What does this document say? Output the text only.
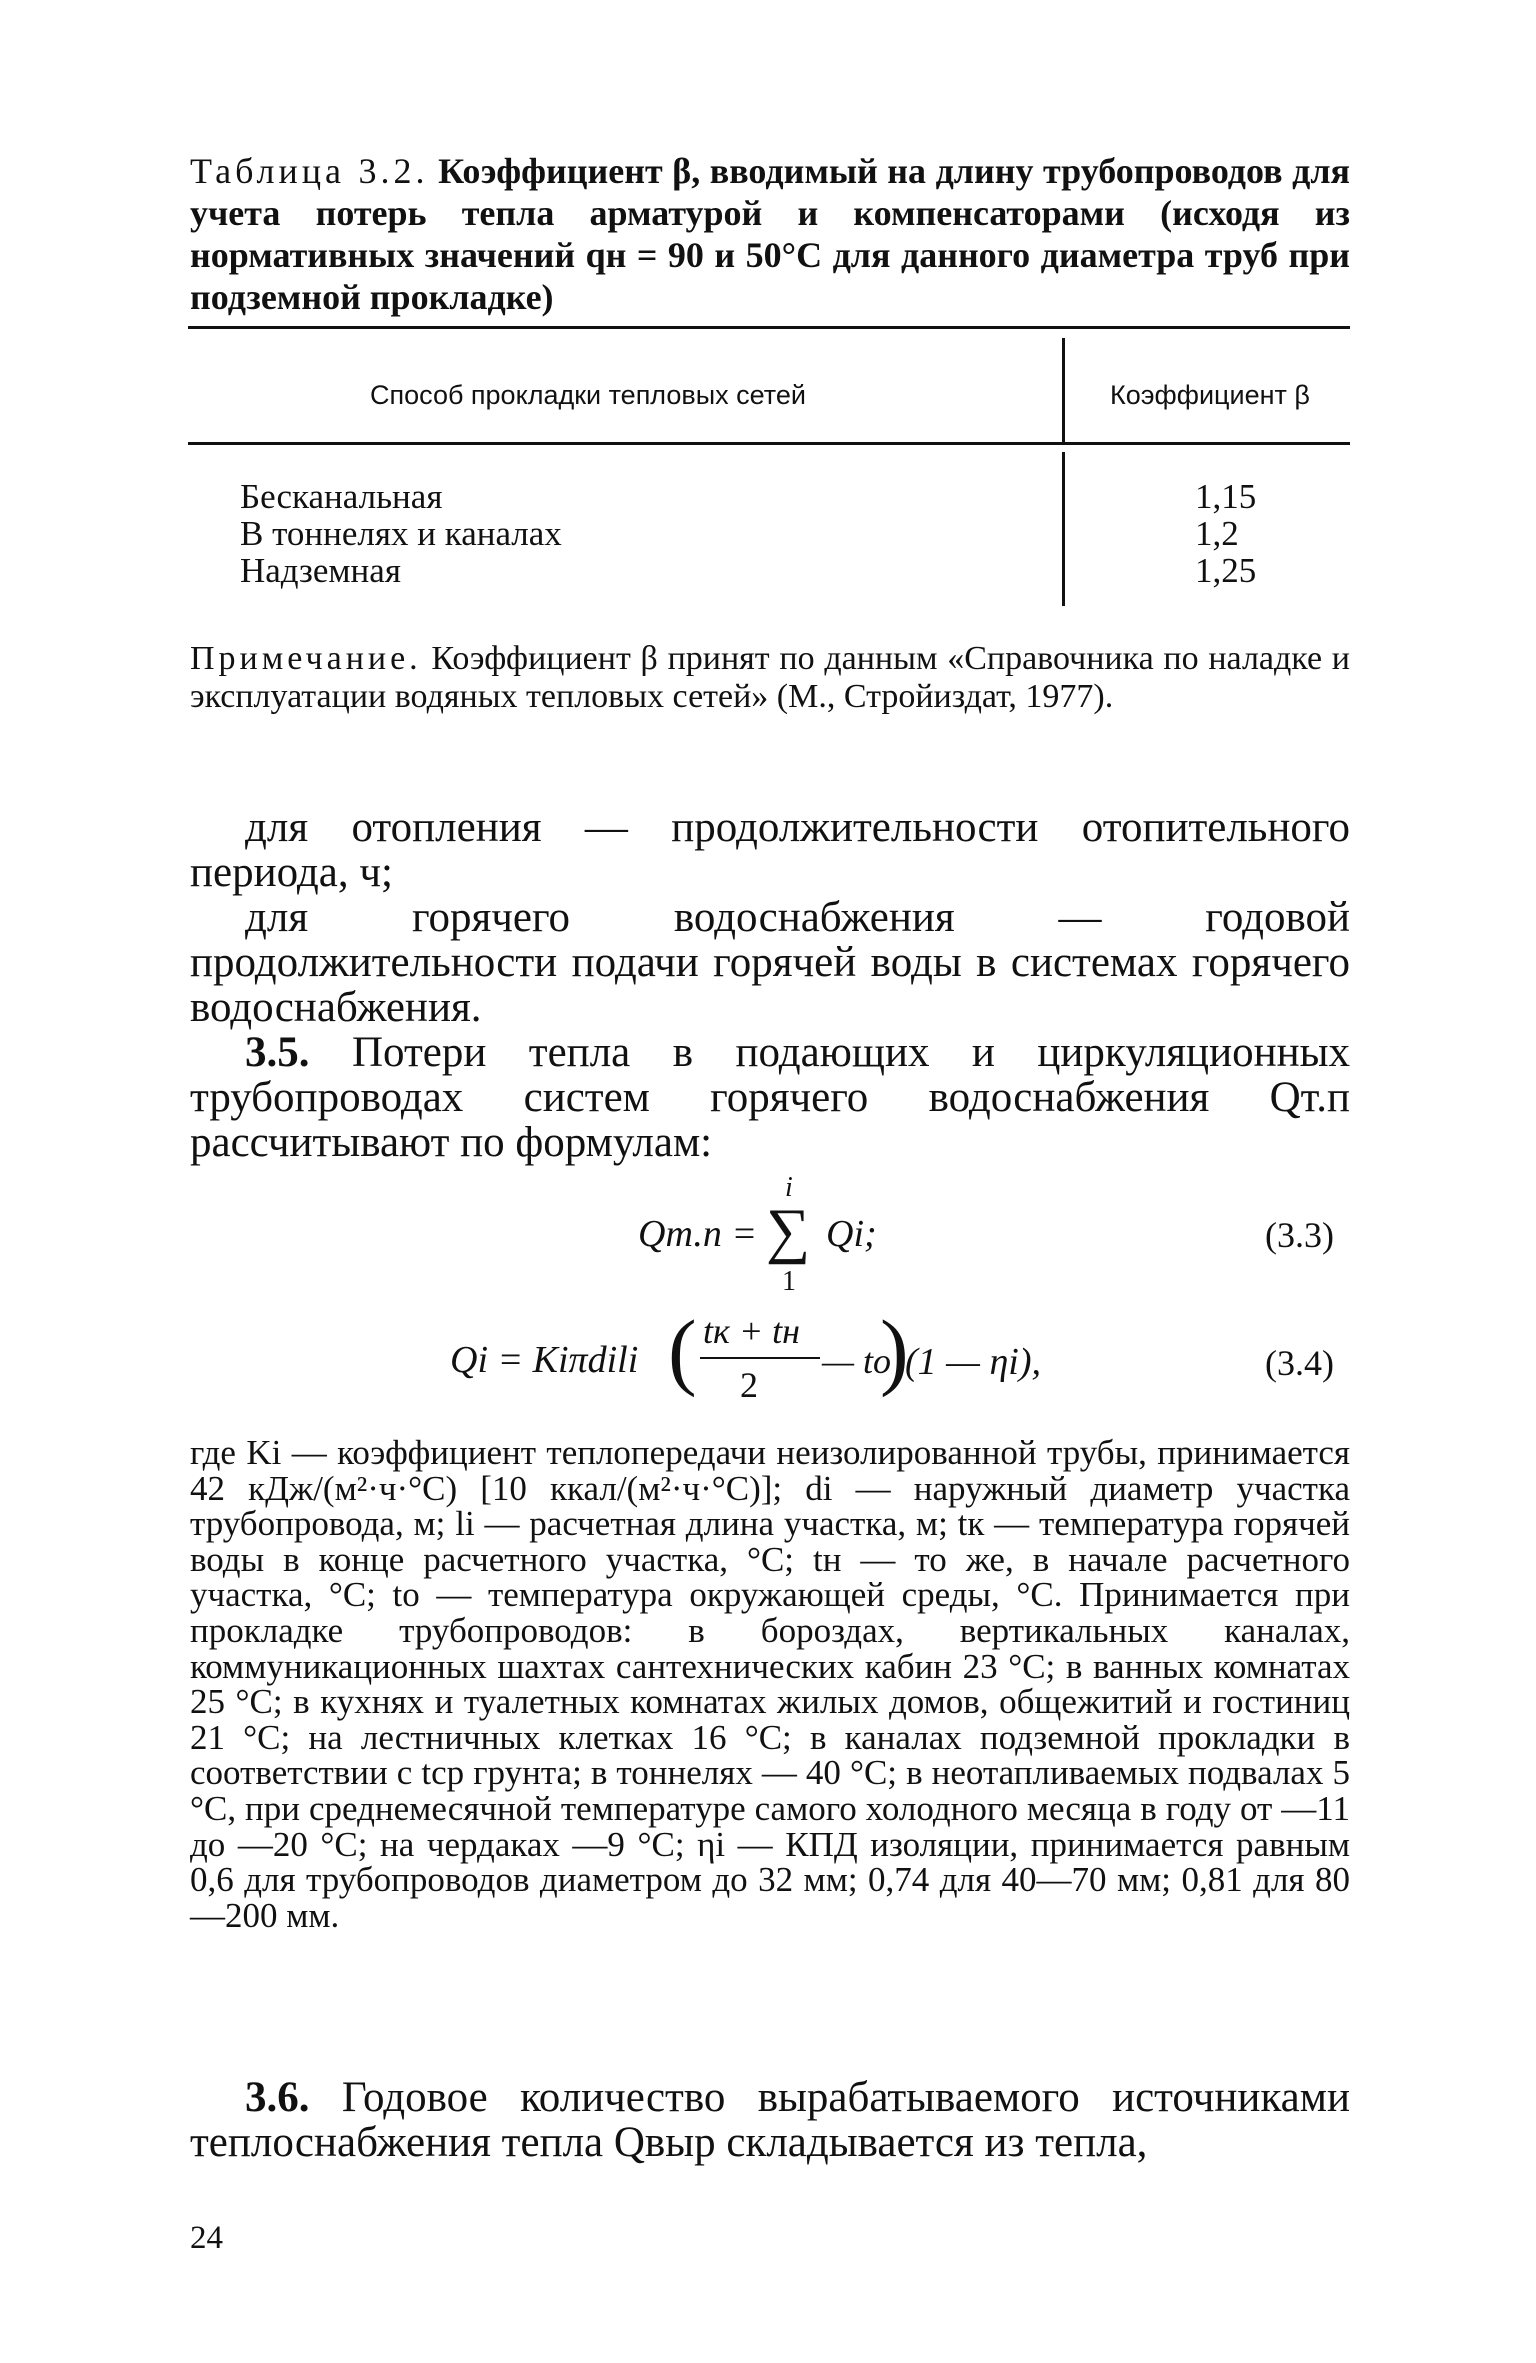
Таблица 3.2. Коэффициент β, вводимый на длину трубопроводов для учета потерь тепла арматурой и компенсаторами (исходя из нормативных значений qн = 90 и 50°С для данного диаметра труб при подземной прокладке)
Способ прокладки тепловых сетей	Коэффициент β
Бесканальная	1,15
В тоннелях и каналах	1,2
Надземная	1,25
Примечание. Коэффициент β принят по данным «Справочника по наладке и эксплуатации водяных тепловых сетей» (М., Стройиздат, 1977).
для отопления — продолжительности отопительного периода, ч;
для горячего водоснабжения — годовой продолжительности подачи горячей воды в системах горячего водоснабжения.
3.5. Потери тепла в подающих и циркуляционных трубопроводах систем горячего водоснабжения Qт.п рассчитывают по формулам:
Qт.п =
i
∑
1
Qi;	(3.3)
Qi = Kiπdili ( tк + tн
2
— to
)
(1 — ηi),	(3.4)
где Ki — коэффициент теплопередачи неизолированной трубы, принимается 42 кДж/(м²·ч·°С) [10 ккал/(м²·ч·°С)]; di — наружный диаметр участка трубопровода, м; li — расчетная длина участка, м; tк — температура горячей воды в конце расчетного участка, °С; tн — то же, в начале расчетного участка, °С; to — температура окружающей среды, °С. Принимается при прокладке трубопроводов: в бороздах, вертикальных каналах, коммуникационных шахтах сантехнических кабин 23 °С; в ванных комнатах 25 °С; в кухнях и туалетных комнатах жилых домов, общежитий и гостиниц 21 °С; на лестничных клетках 16 °С; в каналах подземной прокладки в соответствии с tср грунта; в тоннелях — 40 °С; в неотапливаемых подвалах 5 °С, при среднемесячной температуре самого холодного месяца в году от —11 до —20 °С; на чердаках —9 °С; ηi — КПД изоляции, принимается равным 0,6 для трубопроводов диаметром до 32 мм; 0,74 для 40—70 мм; 0,81 для 80—200 мм.
3.6. Годовое количество вырабатываемого источниками теплоснабжения тепла Qвыр складывается из тепла,
24
